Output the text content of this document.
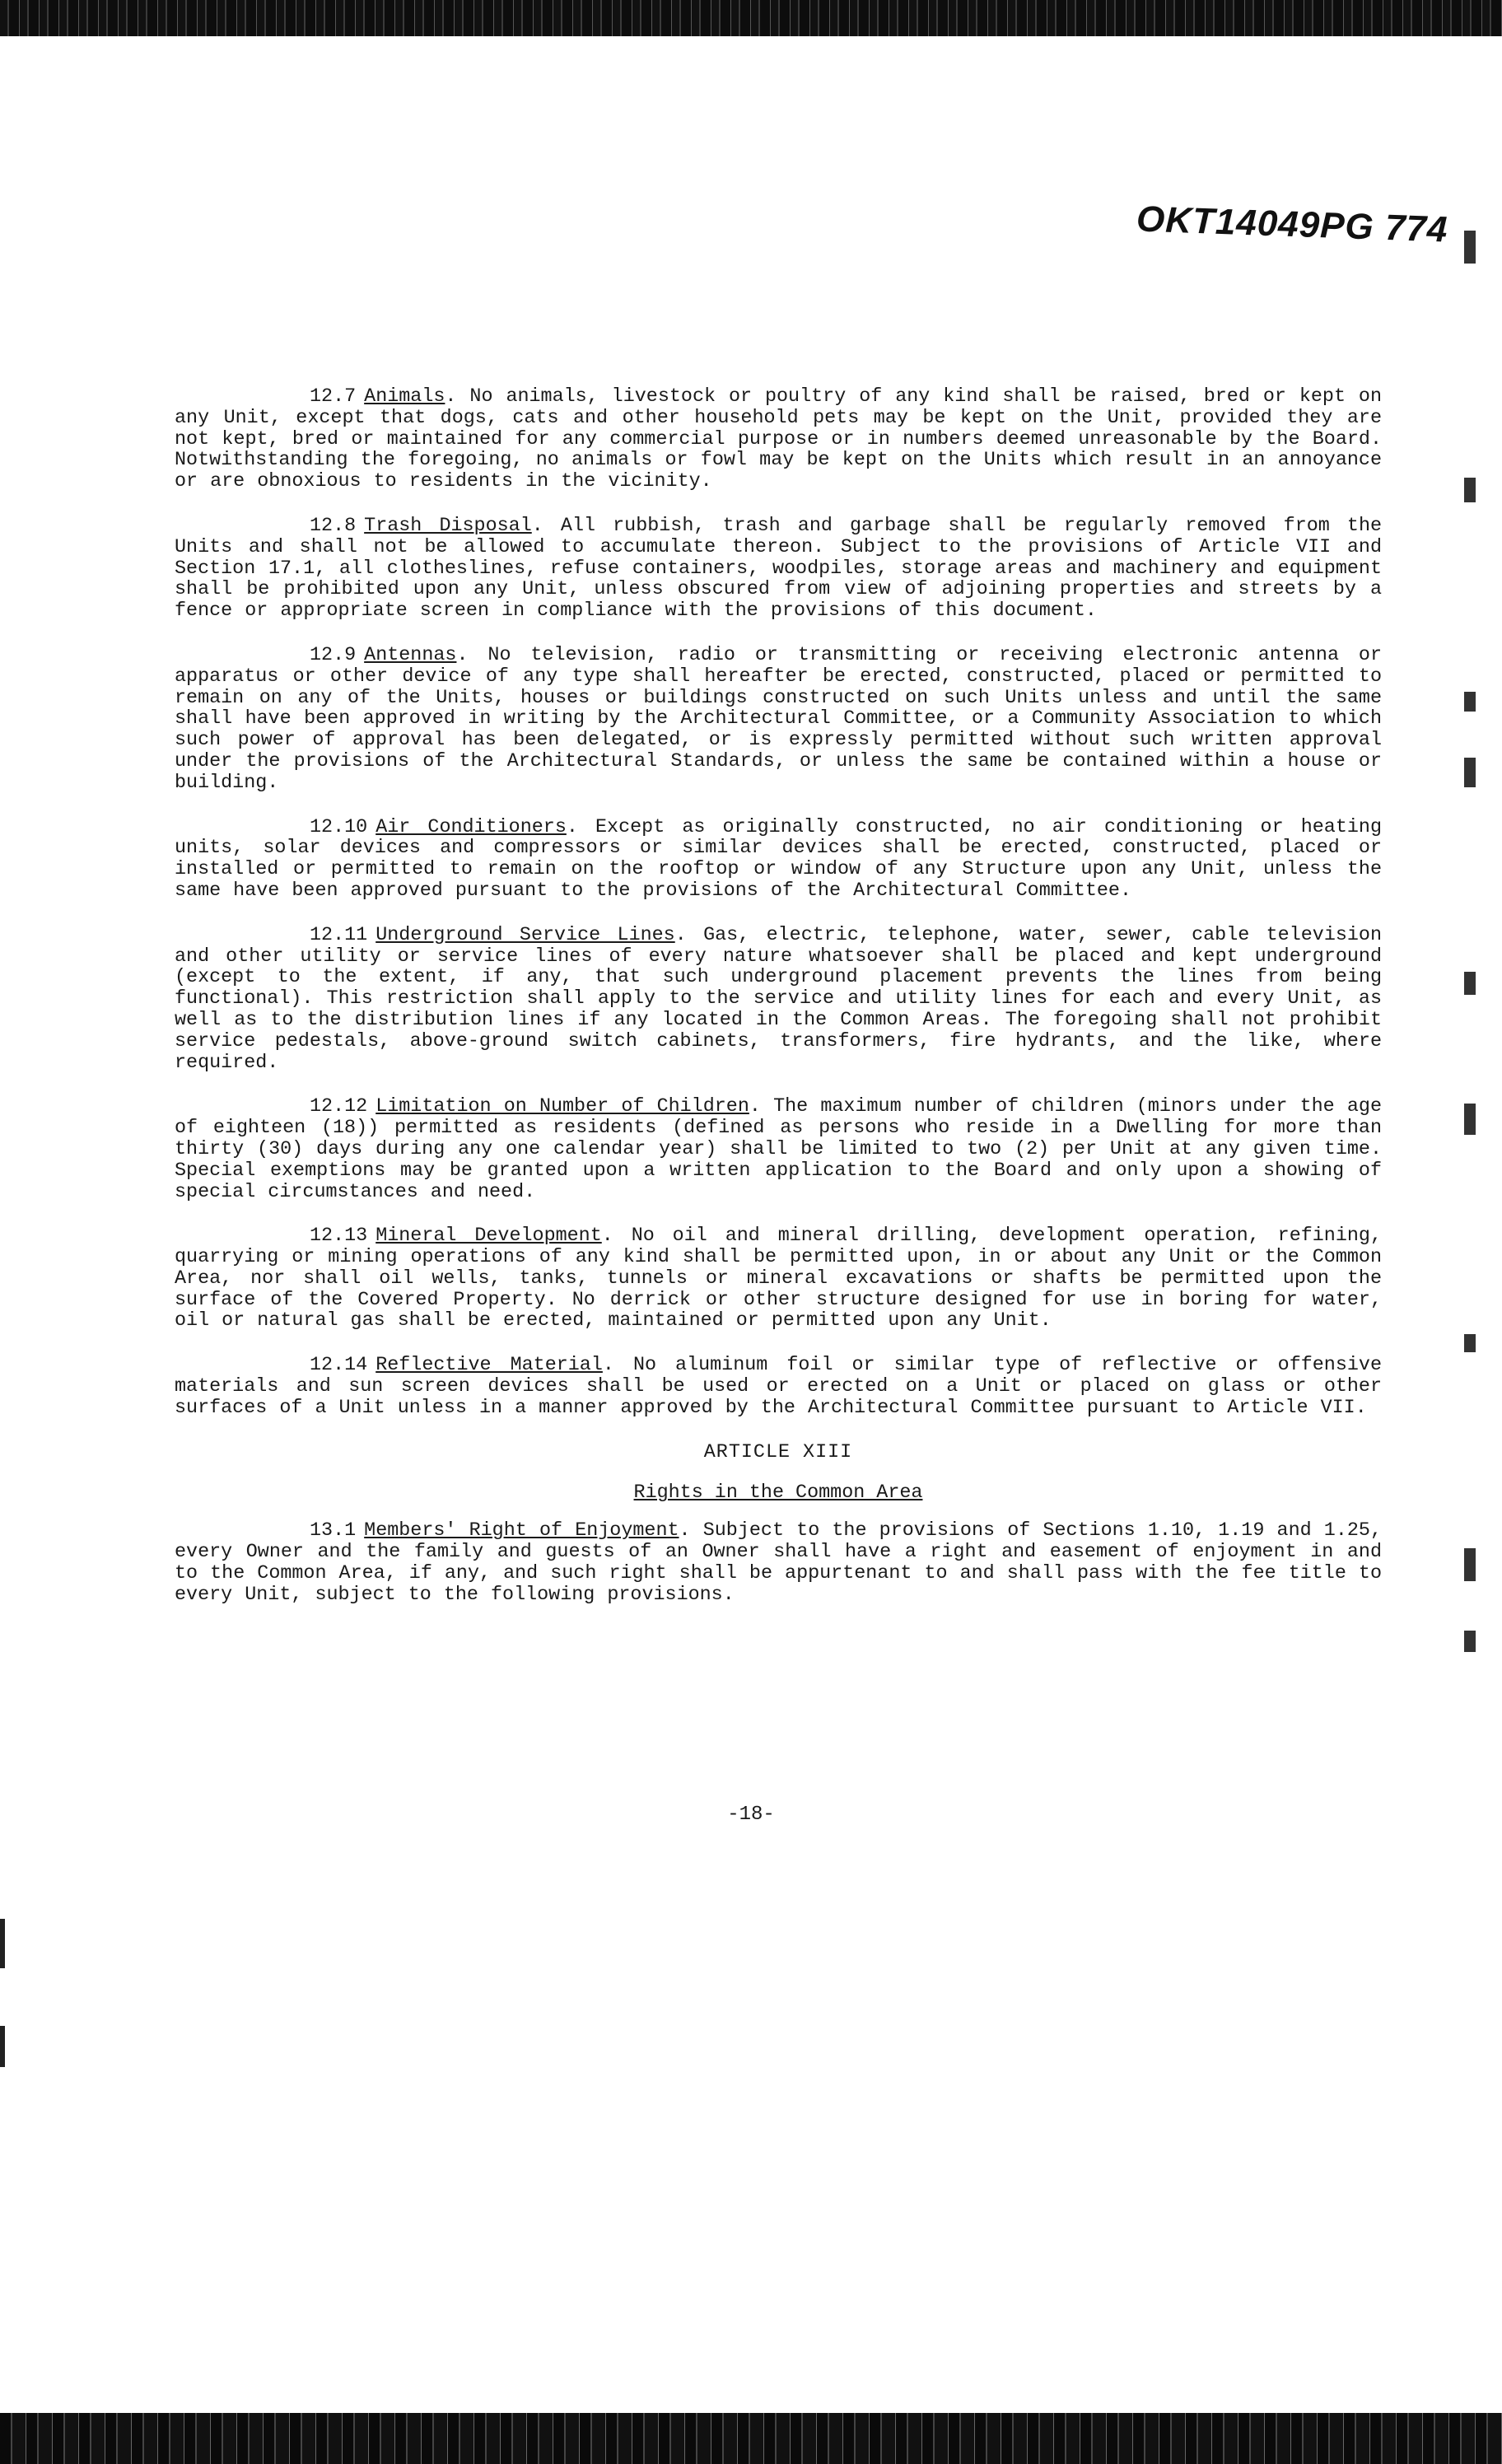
OKT14049PG 774

12.7 Animals. No animals, livestock or poultry of any kind shall be raised, bred or kept on any Unit, except that dogs, cats and other household pets may be kept on the Unit, provided they are not kept, bred or maintained for any commercial purpose or in numbers deemed unreasonable by the Board. Notwithstanding the foregoing, no animals or fowl may be kept on the Units which result in an annoyance or are obnoxious to residents in the vicinity.

12.8 Trash Disposal. All rubbish, trash and garbage shall be regularly removed from the Units and shall not be allowed to accumulate thereon. Subject to the provisions of Article VII and Section 17.1, all clotheslines, refuse containers, woodpiles, storage areas and machinery and equipment shall be prohibited upon any Unit, unless obscured from view of adjoining properties and streets by a fence or appropriate screen in compliance with the provisions of this document.

12.9 Antennas. No television, radio or transmitting or receiving electronic antenna or apparatus or other device of any type shall hereafter be erected, constructed, placed or permitted to remain on any of the Units, houses or buildings constructed on such Units unless and until the same shall have been approved in writing by the Architectural Committee, or a Community Association to which such power of approval has been delegated, or is expressly permitted without such written approval under the provisions of the Architectural Standards, or unless the same be contained within a house or building.

12.10 Air Conditioners. Except as originally constructed, no air conditioning or heating units, solar devices and compressors or similar devices shall be erected, constructed, placed or installed or permitted to remain on the rooftop or window of any Structure upon any Unit, unless the same have been approved pursuant to the provisions of the Architectural Committee.

12.11 Underground Service Lines. Gas, electric, telephone, water, sewer, cable television and other utility or service lines of every nature whatsoever shall be placed and kept underground (except to the extent, if any, that such underground placement prevents the lines from being functional). This restriction shall apply to the service and utility lines for each and every Unit, as well as to the distribution lines if any located in the Common Areas. The foregoing shall not prohibit service pedestals, above-ground switch cabinets, transformers, fire hydrants, and the like, where required.

12.12 Limitation on Number of Children. The maximum number of children (minors under the age of eighteen (18)) permitted as residents (defined as persons who reside in a Dwelling for more than thirty (30) days during any one calendar year) shall be limited to two (2) per Unit at any given time. Special exemptions may be granted upon a written application to the Board and only upon a showing of special circumstances and need.

12.13 Mineral Development. No oil and mineral drilling, development operation, refining, quarrying or mining operations of any kind shall be permitted upon, in or about any Unit or the Common Area, nor shall oil wells, tanks, tunnels or mineral excavations or shafts be permitted upon the surface of the Covered Property. No derrick or other structure designed for use in boring for water, oil or natural gas shall be erected, maintained or permitted upon any Unit.

12.14 Reflective Material. No aluminum foil or similar type of reflective or offensive materials and sun screen devices shall be used or erected on a Unit or placed on glass or other surfaces of a Unit unless in a manner approved by the Architectural Committee pursuant to Article VII.

ARTICLE XIII
Rights in the Common Area

13.1 Members' Right of Enjoyment. Subject to the provisions of Sections 1.10, 1.19 and 1.25, every Owner and the family and guests of an Owner shall have a right and easement of enjoyment in and to the Common Area, if any, and such right shall be appurtenant to and shall pass with the fee title to every Unit, subject to the following provisions.

-18-
